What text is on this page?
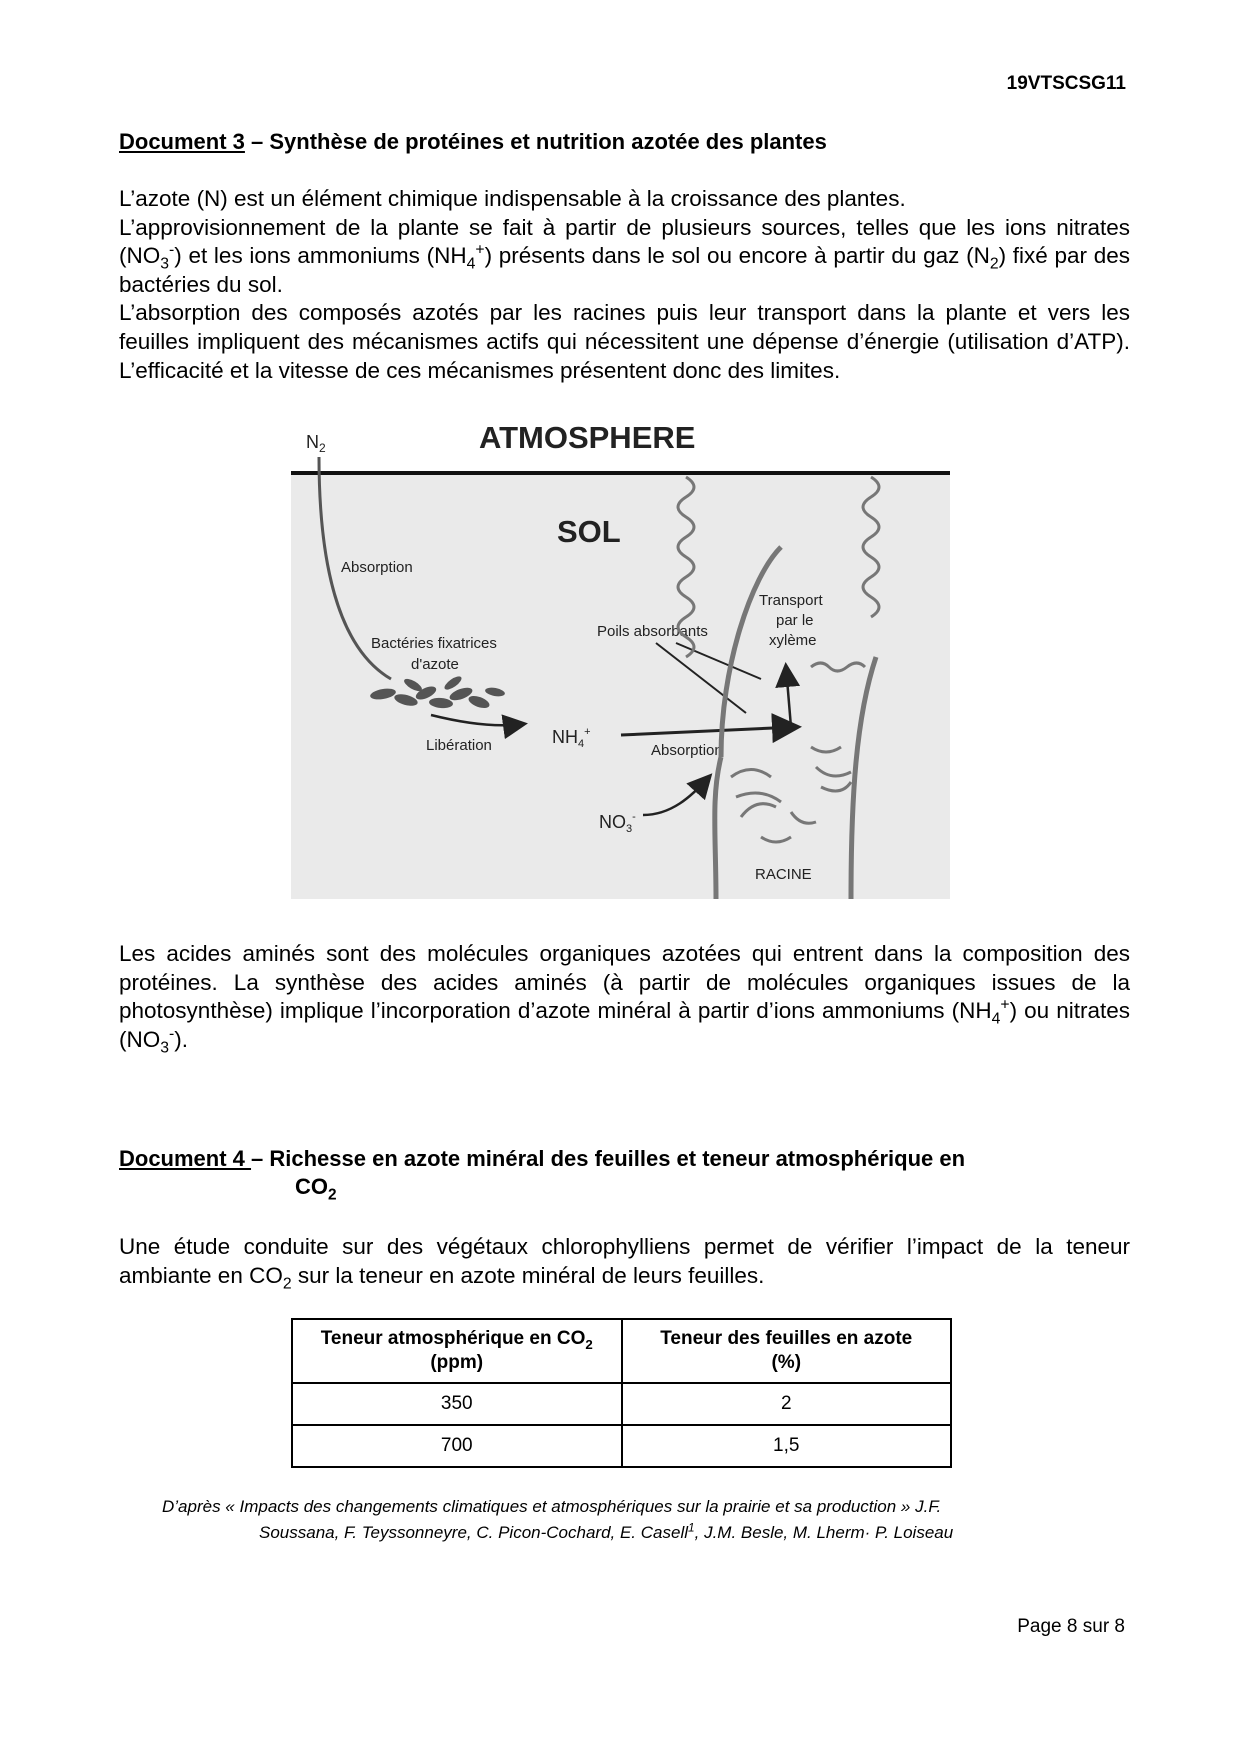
19VTSCSG11
Document 3 – Synthèse de protéines et nutrition azotée des plantes

L’azote (N) est un élément chimique indispensable à la croissance des plantes.

L’approvisionnement de la plante se fait à partir de plusieurs sources, telles que les ions nitrates $(NO_3^-)$ et les ions ammoniums $(NH_4^+)$ présents dans le sol ou encore à partir du gaz $(N_2)$ fixé par des bactéries du sol.

L’absorption des composés azotés par les racines puis leur transport dans la plante et vers les feuilles impliquent des mécanismes actifs qui nécessitent une dépense d’énergie (utilisation d’ATP). L’efficacité et la vitesse de ces mécanismes présentent donc des limites.

ATMOSPHERE
$N_2$
SOL
Absorption
Bactéries fixatrices
d'azote
Libération	$NH_4^+$
Absorption
$NO_3^-$
Poils absorbants
Transport
par le
xylème
RACINE

Les acides aminés sont des molécules organiques azotées qui entrent dans la composition des protéines. La synthèse des acides aminés (à partir de molécules organiques issues de la photosynthèse) implique l’incorporation d’azote minéral à partir d’ions ammoniums $(NH_4^+)$ ou nitrates $(NO_3^-)$.

Document 4 – Richesse en azote minéral des feuilles et teneur atmosphérique en
$CO_2$

Une étude conduite sur des végétaux chlorophylliens permet de vérifier l’impact de la teneur ambiante en $CO_2$ sur la teneur en azote minéral de leurs feuilles.

Teneur atmosphérique en $CO_2$
(ppm)	Teneur des feuilles en azote
(%)
350	2
700	1,5
D’après « Impacts des changements climatiques et atmosphériques sur la prairie et sa production » J.F.
Soussana, F. Teyssonneyre, C. Picon-Cochard, E. Casell$^1$, J.M. Besle, M. Lherm· P. Loiseau
Page 8 sur 8
